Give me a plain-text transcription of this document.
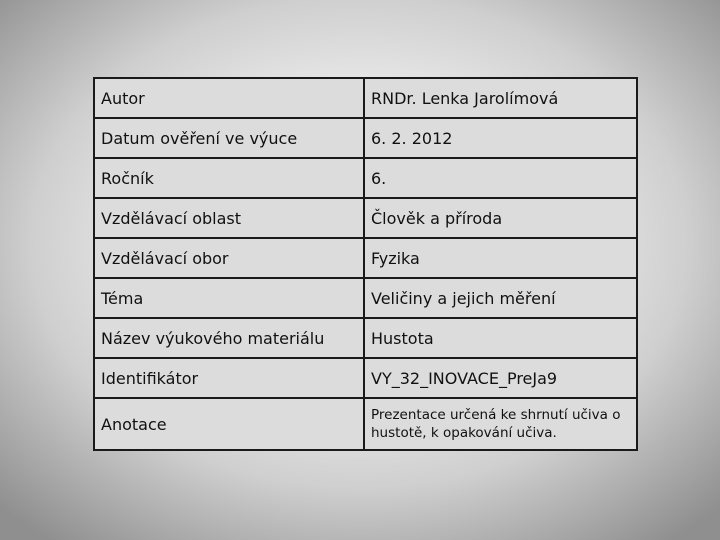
Autor	RNDr. Lenka Jarolímová
Datum ověření ve výuce	6. 2. 2012
Ročník	6.
Vzdělávací oblast	Člověk a příroda
Vzdělávací obor	Fyzika
Téma	Veličiny a jejich měření
Název výukového materiálu	Hustota
Identifikátor	VY_32_INOVACE_PreJa9
Anotace	Prezentace určená ke shrnutí učiva o hustotě, k opakování učiva.
